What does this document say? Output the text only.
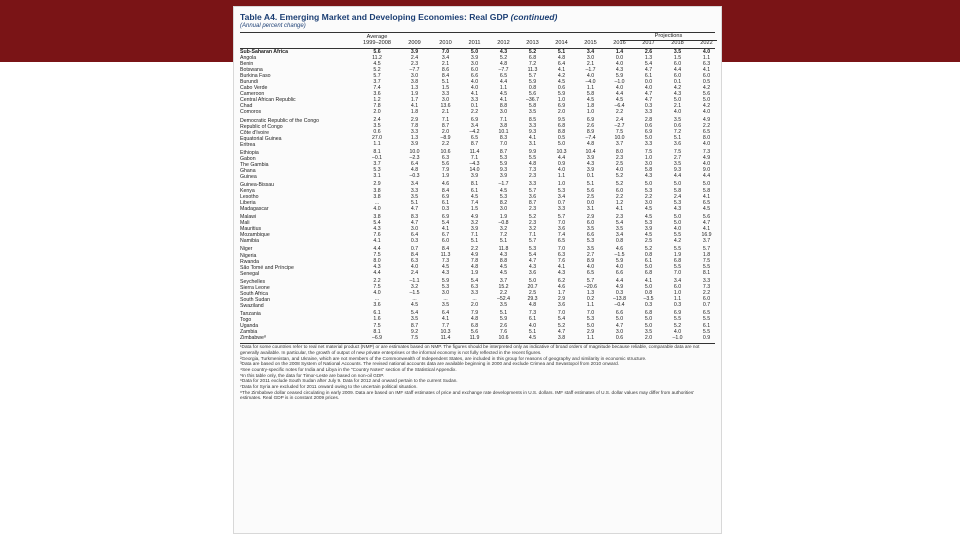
Table A4. Emerging Market and Developing Economies: Real GDP (continued)
(Annual percent change)
Average
1999–2008
Projections
2009	2010	2011	2012	2013	2014	2015	2016	2017	2018	2022
Sub-Saharan Africa	5.6	3.9	7.0	5.0	4.3	5.2	5.1	3.4	1.4	2.6	3.5	4.0
Angola	11.2	2.4	3.4	3.9	5.2	6.8	4.8	3.0	0.0	1.3	1.5	1.1
Benin	4.5	2.3	2.1	3.0	4.8	7.2	6.4	2.1	4.0	5.4	6.0	6.3
Botswana	5.2	–7.7	8.6	6.0	–7.7	11.3	4.1	–1.7	4.3	4.7	4.4	4.1
Burkina Faso	5.7	3.0	8.4	6.6	6.5	5.7	4.2	4.0	5.9	6.1	6.0	6.0
Burundi	3.7	3.8	5.1	4.0	4.4	5.9	4.5	–4.0	–1.0	0.0	0.1	0.5
Cabo Verde	7.4	1.3	1.5	4.0	1.1	0.8	0.6	1.1	4.0	4.0	4.2	4.2
Cameroon	3.6	1.9	3.3	4.1	4.5	5.6	5.9	5.8	4.4	4.7	4.3	5.6
Central African Republic	1.2	1.7	3.0	3.3	4.1	–36.7	1.0	4.5	4.5	4.7	5.0	5.0
Chad	7.8	4.1	13.6	0.1	8.8	5.8	6.9	1.8	–6.4	0.3	2.1	4.2
Comoros	2.0	1.8	2.1	2.2	3.0	3.5	2.0	1.0	2.2	3.3	4.0	4.0
Democratic Republic of the Congo	2.4	2.9	7.1	6.9	7.1	8.5	9.5	6.9	2.4	2.8	3.5	4.9
Republic of Congo	3.5	7.8	8.7	3.4	3.8	3.3	6.8	2.6	–2.7	0.6	0.6	2.2
Côte d'Ivoire	0.6	3.3	2.0	–4.2	10.1	9.3	8.8	8.9	7.5	6.9	7.2	6.5
Equatorial Guinea	27.0	1.3	–8.9	6.5	8.3	4.1	0.5	–7.4	10.0	5.0	5.1	8.0
Eritrea	1.1	3.9	2.2	8.7	7.0	3.1	5.0	4.8	3.7	3.3	3.6	4.0
Ethiopia	8.1	10.0	10.6	11.4	8.7	9.9	10.3	10.4	8.0	7.5	7.5	7.3
Gabon	–0.1	–2.3	6.3	7.1	5.3	5.5	4.4	3.9	2.3	1.0	2.7	4.9
The Gambia	3.7	6.4	5.6	–4.3	5.9	4.8	0.9	4.3	2.5	3.0	3.5	4.0
Ghana	5.3	4.8	7.9	14.0	9.3	7.3	4.0	3.9	4.0	5.8	9.3	9.0
Guinea	3.1	–0.3	1.9	3.9	3.9	2.3	1.1	0.1	5.2	4.3	4.4	4.4
Guinea-Bissau	2.9	3.4	4.6	8.1	–1.7	3.3	1.0	5.1	5.2	5.0	5.0	5.0
Kenya	3.8	3.3	8.4	6.1	4.5	5.7	5.3	5.6	6.0	5.3	5.8	5.8
Lesotho	3.8	3.5	6.9	4.5	5.3	3.6	3.4	2.5	2.2	2.2	2.4	4.1
Liberia	...	5.1	6.1	7.4	8.2	8.7	0.7	0.0	1.2	3.0	5.3	6.5
Madagascar	4.0	4.7	0.3	1.5	3.0	2.3	3.3	3.1	4.1	4.5	4.3	4.5
Malawi	3.8	8.3	6.9	4.9	1.9	5.2	5.7	2.9	2.3	4.5	5.0	5.6
Mali	5.4	4.7	5.4	3.2	–0.8	2.3	7.0	6.0	5.4	5.3	5.0	4.7
Mauritius	4.3	3.0	4.1	3.9	3.2	3.2	3.6	3.5	3.5	3.9	4.0	4.1
Mozambique	7.6	6.4	6.7	7.1	7.2	7.1	7.4	6.6	3.4	4.5	5.5	16.9
Namibia	4.1	0.3	6.0	5.1	5.1	5.7	6.5	5.3	0.8	2.5	4.2	3.7
Niger	4.4	0.7	8.4	2.2	11.8	5.3	7.0	3.5	4.6	5.2	5.5	5.7
Nigeria	7.5	8.4	11.3	4.9	4.3	5.4	6.3	2.7	–1.5	0.8	1.9	1.8
Rwanda	8.0	6.3	7.3	7.8	8.8	4.7	7.6	8.9	5.9	6.1	6.8	7.5
São Tomé and Príncipe	4.3	4.0	4.5	4.8	4.5	4.3	4.1	4.0	4.0	5.0	5.5	5.5
Senegal	4.4	2.4	4.3	1.9	4.5	3.6	4.3	6.5	6.6	6.8	7.0	8.1
Seychelles	2.2	–1.1	5.9	5.4	3.7	5.0	6.2	5.7	4.4	4.1	3.4	3.3
Sierra Leone	7.5	3.2	5.3	6.3	15.2	20.7	4.6	–20.6	4.9	5.0	6.0	7.3
South Africa	4.0	–1.5	3.0	3.3	2.2	2.5	1.7	1.3	0.3	0.8	1.0	2.2
South Sudan	...	...	...	...	–52.4	29.3	2.9	0.2	–13.8	–3.5	1.1	6.0
Swaziland	3.6	4.5	3.5	2.0	3.5	4.8	3.6	1.1	–0.4	0.3	0.3	0.7
Tanzania	6.1	5.4	6.4	7.9	5.1	7.3	7.0	7.0	6.6	6.8	6.9	6.5
Togo	1.6	3.5	4.1	4.8	5.9	6.1	5.4	5.3	5.0	5.0	5.5	5.5
Uganda	7.5	8.7	7.7	6.8	2.6	4.0	5.2	5.0	4.7	5.0	5.2	6.1
Zambia	8.1	9.2	10.3	5.6	7.6	5.1	4.7	2.9	3.0	3.5	4.0	5.5
Zimbabwe⁸	–6.9	7.5	11.4	11.9	10.6	4.5	3.8	1.1	0.6	2.0	–1.0	0.9

¹Data for some countries refer to real net material product (NMP) or are estimates based on NMP. The figures should be interpreted only as indicative of broad orders of magnitude because reliable, comparable data are not generally available. In particular, the growth of output of new private enterprises or the informal economy is not fully reflected in the recent figures.

²Georgia, Turkmenistan, and Ukraine, which are not members of the Commonwealth of Independent States, are included in this group for reasons of geography and similarity in economic structure.

³Data are based on the 2008 System of National Accounts. The revised national accounts data are available beginning in 2000 and exclude Crimea and Sevastopol from 2010 onward.

⁴See country-specific notes for India and Libya in the "Country Notes" section of the Statistical Appendix.

⁵In this table only, the data for Timor-Leste are based on non-oil GDP.

⁶Data for 2011 exclude South Sudan after July 9. Data for 2012 and onward pertain to the current Sudan.

⁷Data for Syria are excluded for 2011 onward owing to the uncertain political situation.

⁸The Zimbabwe dollar ceased circulating in early 2009. Data are based on IMF staff estimates of price and exchange rate developments in U.S. dollars. IMF staff estimates of U.S. dollar values may differ from authorities' estimates. Real GDP is in constant 2009 prices.
